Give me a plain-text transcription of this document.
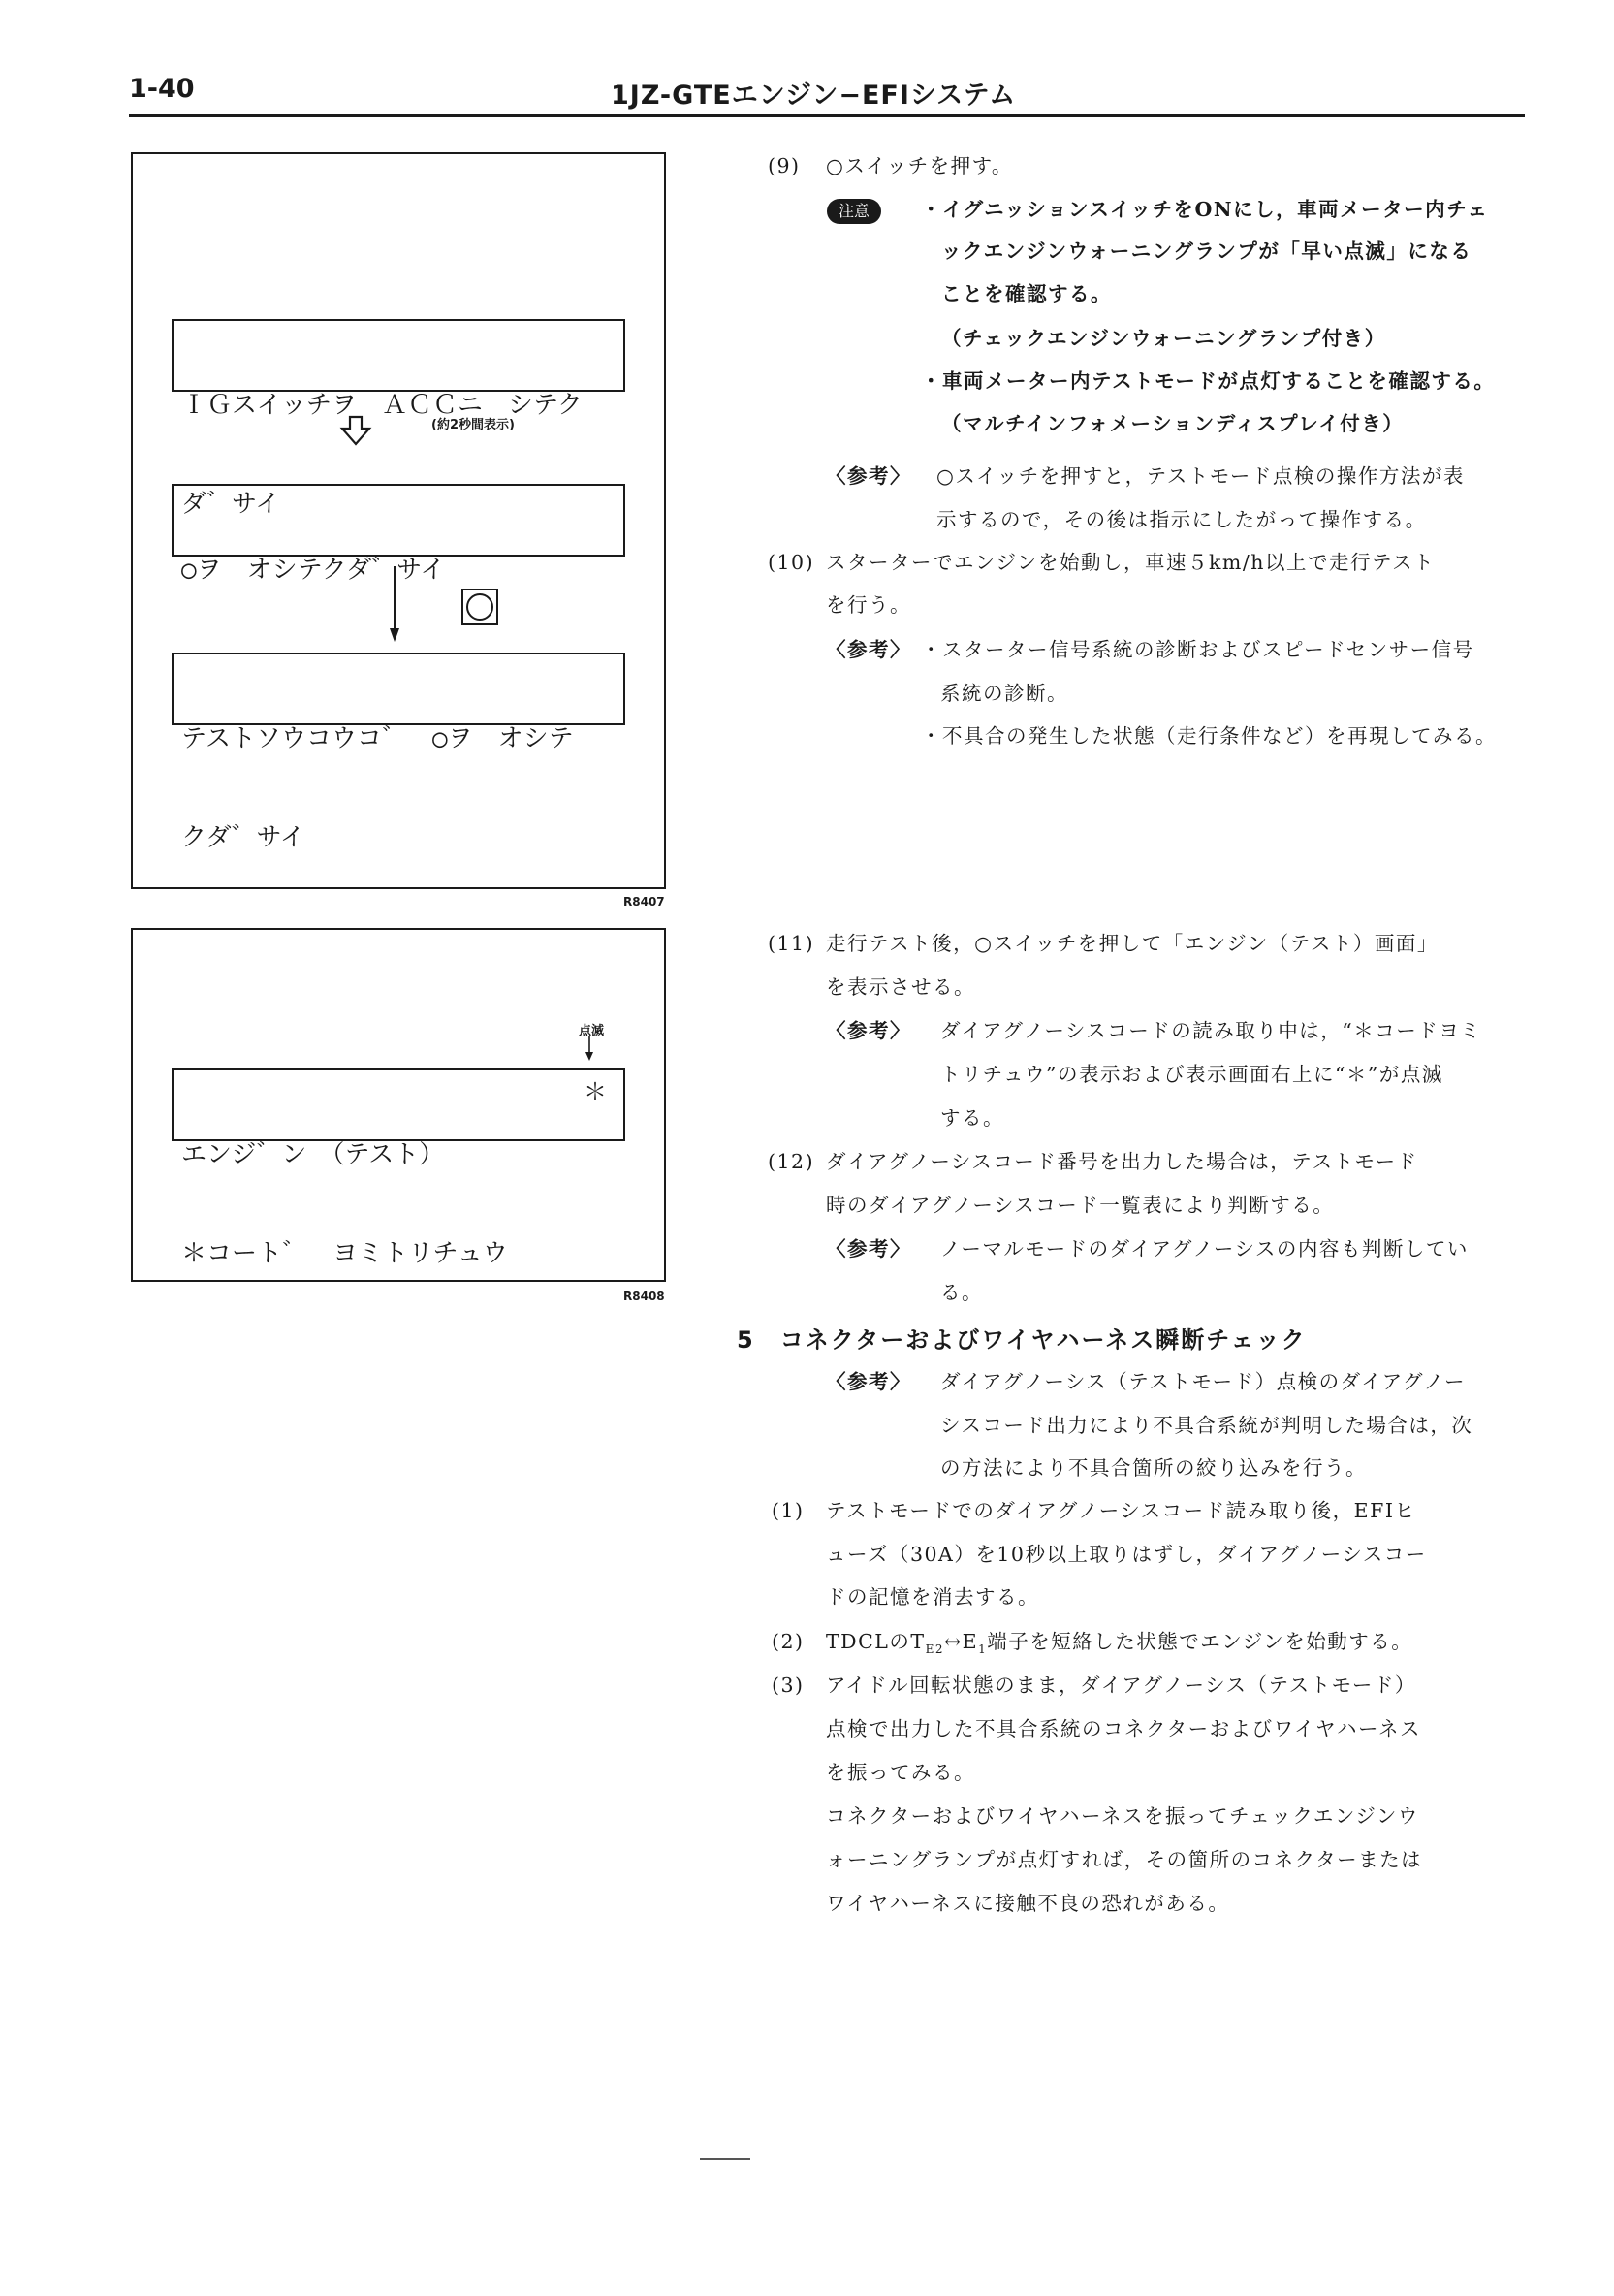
1-40	1JZ-GTEエンジン−EFIシステム

ＩＧスイッチヲ　ＡＣＣニ　シテク

ダ゛サイ

(約2秒間表示)

○ヲ　オシテクダ゛サイ

テストソウコウコ゛　○ヲ　オシテ

クダ゛サイ

R8407
点滅

エンジ゛ン　（テスト）

＊コート゛　ヨミトリチュウ

＊
R8408
(9) ○スイッチを押す。
注意	・イグニッションスイッチをONにし，車両メーター内チェ
ックエンジンウォーニングランプが「早い点滅」になる
ことを確認する。
（チェックエンジンウォーニングランプ付き）
・車両メーター内テストモードが点灯することを確認する。
（マルチインフォメーションディスプレイ付き）
〈参考〉 ○スイッチを押すと，テストモード点検の操作方法が表
示するので，その後は指示にしたがって操作する。
(10) スターターでエンジンを始動し，車速５km/h以上で走行テスト
を行う。
〈参考〉 ・スターター信号系統の診断およびスピードセンサー信号
系統の診断。
・不具合の発生した状態（走行条件など）を再現してみる。
(11) 走行テスト後，○スイッチを押して「エンジン（テスト）画面」
を表示させる。
〈参考〉 ダイアグノーシスコードの読み取り中は，“＊コードヨミ
トリチュウ”の表示および表示画面右上に“＊”が点滅
する。
(12) ダイアグノーシスコード番号を出力した場合は，テストモード
時のダイアグノーシスコード一覧表により判断する。
〈参考〉 ノーマルモードのダイアグノーシスの内容も判断してい
る。
5　コネクターおよびワイヤハーネス瞬断チェック
〈参考〉 ダイアグノーシス（テストモード）点検のダイアグノー
シスコード出力により不具合系統が判明した場合は，次
の方法により不具合箇所の絞り込みを行う。
(1) テストモードでのダイアグノーシスコード読み取り後，EFIヒ
ューズ（30A）を10秒以上取りはずし，ダイアグノーシスコー
ドの記憶を消去する。
(2) TDCLの$T_{E2}\leftrightarrow E_1$端子を短絡した状態でエンジンを始動する。
(3) アイドル回転状態のまま，ダイアグノーシス（テストモード）
点検で出力した不具合系統のコネクターおよびワイヤハーネス
を振ってみる。
コネクターおよびワイヤハーネスを振ってチェックエンジンウ
ォーニングランプが点灯すれば，その箇所のコネクターまたは
ワイヤハーネスに接触不良の恐れがある。
